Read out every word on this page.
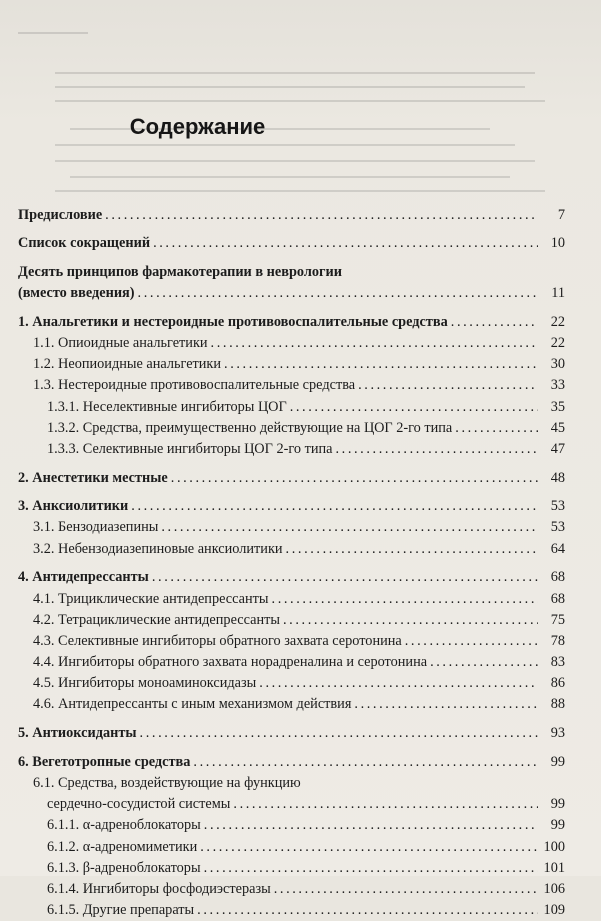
Содержание
Предисловие .....	7
Список сокращений .....	10
Десять принципов фармакотерапии в неврологии
(вместо введения) .....	11
1. Анальгетики и нестероидные противовоспалительные средства .....	22
1.1. Опиоидные анальгетики .....	22
1.2. Неопиоидные анальгетики .....	30
1.3. Нестероидные противовоспалительные средства .....	33
1.3.1. Неселективные ингибиторы ЦОГ .....	35
1.3.2. Средства, преимущественно действующие на ЦОГ 2-го типа .....	45
1.3.3. Селективные ингибиторы ЦОГ 2-го типа .....	47
2. Анестетики местные .....	48
3. Анксиолитики .....	53
3.1. Бензодиазепины .....	53
3.2. Небензодиазепиновые анксиолитики .....	64
4. Антидепрессанты .....	68
4.1. Трициклические антидепрессанты .....	68
4.2. Тетрациклические антидепрессанты .....	75
4.3. Селективные ингибиторы обратного захвата серотонина .....	78
4.4. Ингибиторы обратного захвата норадреналина и серотонина .....	83
4.5. Ингибиторы моноаминоксидазы .....	86
4.6. Антидепрессанты с иным механизмом действия .....	88
5. Антиоксиданты .....	93
6. Вегетотропные средства .....	99
6.1. Средства, воздействующие на функцию
сердечно-сосудистой системы .....	99
6.1.1. α-адреноблокаторы .....	99
6.1.2. α-адреномиметики .....	100
6.1.3. β-адреноблокаторы .....	101
6.1.4. Ингибиторы фосфодиэстеразы .....	106
6.1.5. Другие препараты .....	109
